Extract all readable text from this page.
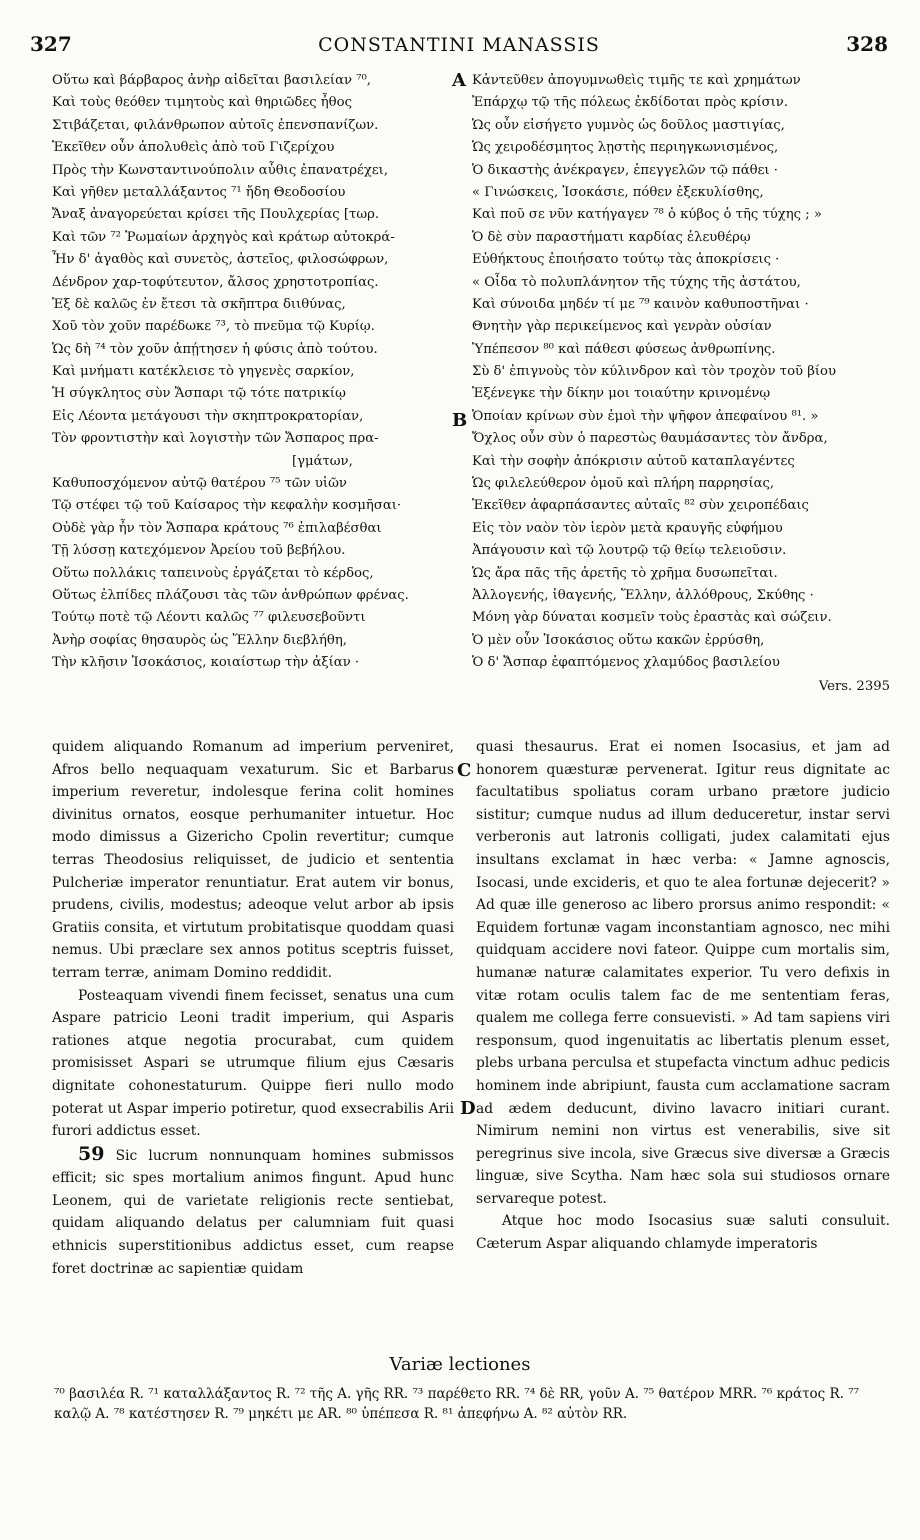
327	CONSTANTINI MANASSIS	328
Οὕτω καὶ βάρβαρος ἀνὴρ αἰδεῖται βασιλείαν ⁷⁰,
Καὶ τοὺς θεόθεν τιμητοὺς καὶ θηριῶδες ἦθος
Στιβάζεται, φιλάνθρωπον αὐτοῖς ἐπενσπανίζων.
Ἐκεῖθεν οὖν ἀπολυθεὶς ἀπὸ τοῦ Γιζερίχου
Πρὸς τὴν Κωνσταντινούπολιν αὖθις ἐπανατρέχει,
Καὶ γῆθεν μεταλλάξαντος ⁷¹ ἤδη Θεοδοσίου
Ἄναξ ἀναγορεύεται κρίσει τῆς Πουλχερίας [τωρ.
Καὶ τῶν ⁷² Ῥωμαίων ἀρχηγὸς καὶ κράτωρ αὐτοκρά-
Ἦν δ' ἀγαθὸς καὶ συνετὸς, ἀστεῖος, φιλοσώφρων,
Δένδρον χαρ-τοφύτευτον, ἄλσος χρηστοτροπίας.
Ἐξ δὲ καλῶς ἐν ἔτεσι τὰ σκῆπτρα διιθύνας,
Χοῦ τὸν χοῦν παρέδωκε ⁷³, τὸ πνεῦμα τῷ Κυρίῳ.
Ὡς δὴ ⁷⁴ τὸν χοῦν ἀπῄτησεν ἡ φύσις ἀπὸ τούτου.
Καὶ μνήματι κατέκλεισε τὸ γηγενὲς σαρκίον,
Ἡ σύγκλητος σὺν Ἄσπαρι τῷ τότε πατρικίῳ
Εἰς Λέοντα μετάγουσι τὴν σκηπτροκρατορίαν,
Τὸν φροντιστὴν καὶ λογιστὴν τῶν Ἄσπαρος πρα-
[γμάτων,
Καθυποσχόμενον αὐτῷ θατέρου ⁷⁵ τῶν υἱῶν
Τῷ στέφει τῷ τοῦ Καίσαρος τὴν κεφαλὴν κοσμῆσαι·
Οὐδὲ γὰρ ἦν τὸν Ἄσπαρα κράτους ⁷⁶ ἐπιλαβέσθαι
Τῇ λύσσῃ κατεχόμενον Ἀρείου τοῦ βεβήλου.
Οὕτω πολλάκις ταπεινοὺς ἐργάζεται τὸ κέρδος,
Οὕτως ἐλπίδες πλάζουσι τὰς τῶν ἀνθρώπων φρένας.
Τούτῳ ποτὲ τῷ Λέοντι καλῶς ⁷⁷ φιλευσεβοῦντι
Ἀνὴρ σοφίας θησαυρὸς ὡς Ἕλλην διεβλήθη,
Τὴν κλῆσιν Ἰσοκάσιος, κοιαίστωρ τὴν ἀξίαν ·
A
B
Κἀντεῦθεν ἀπογυμνωθεὶς τιμῆς τε καὶ χρημάτων
Ἐπάρχῳ τῷ τῆς πόλεως ἐκδίδοται πρὸς κρίσιν.
Ὡς οὖν εἰσήγετο γυμνὸς ὡς δοῦλος μαστιγίας,
Ὡς χειροδέσμητος λῃστὴς περιηγκωνισμένος,
Ὁ δικαστὴς ἀνέκραγεν, ἐπεγγελῶν τῷ πάθει ·
« Γινώσκεις, Ἰσοκάσιε, πόθεν ἐξεκυλίσθης,
Καὶ ποῦ σε νῦν κατήγαγεν ⁷⁸ ὁ κύβος ὁ τῆς τύχης ; »
Ὁ δὲ σὺν παραστήματι καρδίας ἐλευθέρῳ
Εὐθήκτους ἐποιήσατο τούτῳ τὰς ἀποκρίσεις ·
« Οἶδα τὸ πολυπλάνητον τῆς τύχης τῆς ἀστάτου,
Καὶ σύνοιδα μηδέν τί με ⁷⁹ καινὸν καθυποστῆναι ·
Θνητὴν γὰρ περικείμενος καὶ γενρὰν οὐσίαν
Ὑπέπεσον ⁸⁰ καὶ πάθεσι φύσεως ἀνθρωπίνης.
Σὺ δ' ἐπιγνοὺς τὸν κύλινδρον καὶ τὸν τροχὸν τοῦ βίου
Ἐξένεγκε τὴν δίκην μοι τοιαύτην κρινομένῳ
Ὁποίαν κρίνων σὺν ἐμοὶ τὴν ψῆφον ἀπεφαίνου ⁸¹. »
Ὄχλος οὖν σὺν ὁ παρεστὼς θαυμάσαντες τὸν ἄνδρα,
Καὶ τὴν σοφὴν ἀπόκρισιν αὐτοῦ καταπλαγέντες
Ὡς φιλελεύθερον ὁμοῦ καὶ πλήρη παρρησίας,
Ἐκεῖθεν ἀφαρπάσαντες αὐταῖς ⁸² σὺν χειροπέδαις
Εἰς τὸν ναὸν τὸν ἱερὸν μετὰ κραυγῆς εὐφήμου
Ἀπάγουσιν καὶ τῷ λουτρῷ τῷ θείῳ τελειοῦσιν.
Ὡς ἄρα πᾶς τῆς ἀρετῆς τὸ χρῆμα δυσωπεῖται.
Ἀλλογενής, ἰθαγενής, Ἕλλην, ἀλλόθρους, Σκύθης ·
Μόνη γὰρ δύναται κοσμεῖν τοὺς ἐραστὰς καὶ σώζειν.
Ὁ μὲν οὖν Ἰσοκάσιος οὕτω κακῶν ἐρρύσθη,
Ὁ δ' Ἄσπαρ ἐφαπτόμενος χλαμύδος βασιλείου
Vers. 2395

quidem aliquando Romanum ad imperium perveniret, Afros bello nequaquam vexaturum. Sic et Barbarus imperium reveretur, indolesque ferina colit homines divinitus ornatos, eosque perhumaniter intuetur. Hoc modo dimissus a Gizericho Cpolin revertitur; cumque terras Theodosius reliquisset, de judicio et sententia Pulcheriæ imperator renuntiatur. Erat autem vir bonus, prudens, civilis, modestus; adeoque velut arbor ab ipsis Gratiis consita, et virtutum probitatisque quoddam quasi nemus. Ubi præclare sex annos potitus sceptris fuisset, terram terræ, animam Domino reddidit.

Posteaquam vivendi finem fecisset, senatus una cum Aspare patricio Leoni tradit imperium, qui Asparis rationes atque negotia procurabat, cum quidem promisisset Aspari se utrumque filium ejus Cæsaris dignitate cohonestaturum. Quippe fieri nullo modo poterat ut Aspar imperio potiretur, quod exsecrabilis Arii furori addictus esset.

59 Sic lucrum nonnunquam homines submissos efficit; sic spes mortalium animos fingunt. Apud hunc Leonem, qui de varietate religionis recte sentiebat, quidam aliquando delatus per calumniam fuit quasi ethnicis superstitionibus addictus esset, cum reapse foret doctrinæ ac sapientiæ quidam

C
D

quasi thesaurus. Erat ei nomen Isocasius, et jam ad honorem quæsturæ pervenerat. Igitur reus dignitate ac facultatibus spoliatus coram urbano prætore judicio sistitur; cumque nudus ad illum deduceretur, instar servi verberonis aut latronis colligati, judex calamitati ejus insultans exclamat in hæc verba: « Jamne agnoscis, Isocasi, unde excideris, et quo te alea fortunæ dejecerit? » Ad quæ ille generoso ac libero prorsus animo respondit: « Equidem fortunæ vagam inconstantiam agnosco, nec mihi quidquam accidere novi fateor. Quippe cum mortalis sim, humanæ naturæ calamitates experior. Tu vero defixis in vitæ rotam oculis talem fac de me sententiam feras, qualem me collega ferre consuevisti. » Ad tam sapiens viri responsum, quod ingenuitatis ac libertatis plenum esset, plebs urbana perculsa et stupefacta vinctum adhuc pedicis hominem inde abripiunt, fausta cum acclamatione sacram ad ædem deducunt, divino lavacro initiari curant. Nimirum nemini non virtus est venerabilis, sive sit peregrinus sive incola, sive Græcus sive diversæ a Græcis linguæ, sive Scytha. Nam hæc sola sui studiosos ornare servareque potest.

Atque hoc modo Isocasius suæ saluti consuluit. Cæterum Aspar aliquando chlamyde imperatoris

Variæ lectiones
⁷⁰ βασιλέα R. ⁷¹ καταλλάξαντος R. ⁷² τῆς A. γῆς RR. ⁷³ παρέθετο RR. ⁷⁴ δὲ RR, γοῦν A. ⁷⁵ θατέρον MRR. ⁷⁶ κράτος R. ⁷⁷ καλῷ A. ⁷⁸ κατέστησεν R. ⁷⁹ μηκέτι με AR. ⁸⁰ ὑπέπεσα R. ⁸¹ ἀπεφήνω A. ⁸² αὐτὸν RR.
